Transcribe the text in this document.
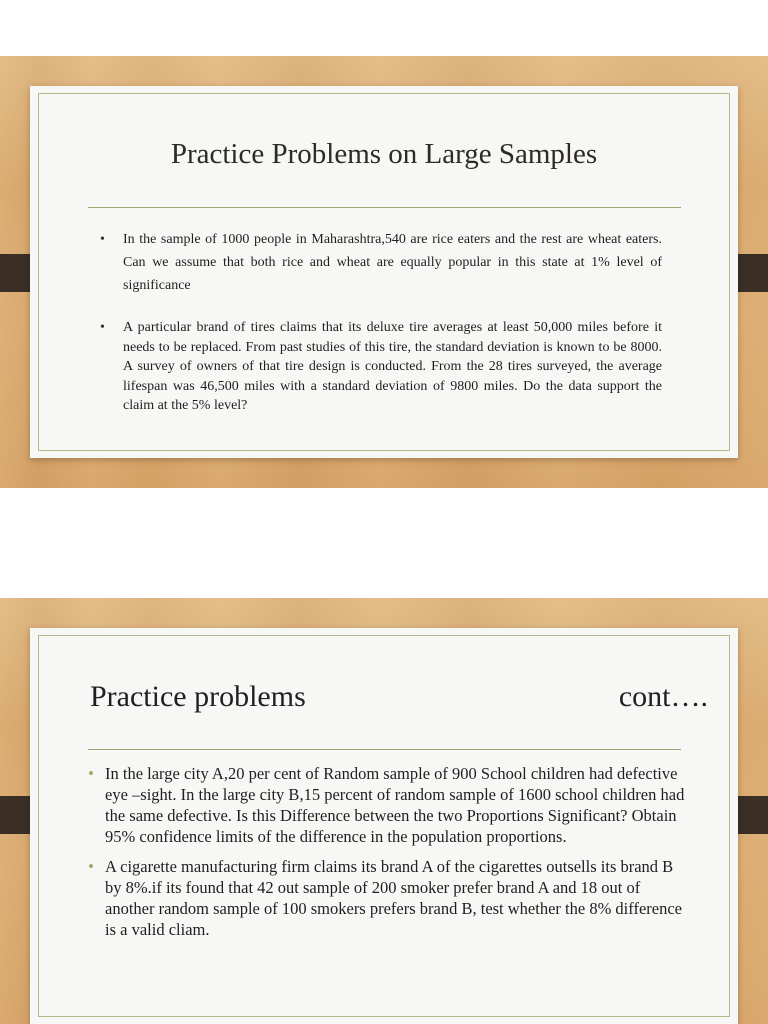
Practice Problems on Large Samples
• In the sample of 1000 people in Maharashtra,540 are rice eaters and the rest are wheat eaters. Can we assume that both rice and wheat are equally popular in this state at 1% level of significance
• A particular brand of tires claims that its deluxe tire averages at least 50,000 miles before it needs to be replaced. From past studies of this tire, the standard deviation is known to be 8000. A survey of owners of that tire design is conducted. From the 28 tires surveyed, the average lifespan was 46,500 miles with a standard deviation of 9800 miles. Do the data support the claim at the 5% level?
Practice problems	cont….
• In the large city A,20 per cent of Random sample of 900 School children had defective eye –sight. In the large city B,15 percent of random sample of 1600 school children had the same defective. Is this Difference between the two Proportions Significant? Obtain 95% confidence limits of the difference in the population proportions.
• A cigarette manufacturing firm claims its brand A of the cigarettes outsells its brand B by 8%.if its found that 42 out sample of 200 smoker prefer brand A and 18 out of another random sample of 100 smokers prefers brand B, test whether the 8% difference is a valid cliam.
